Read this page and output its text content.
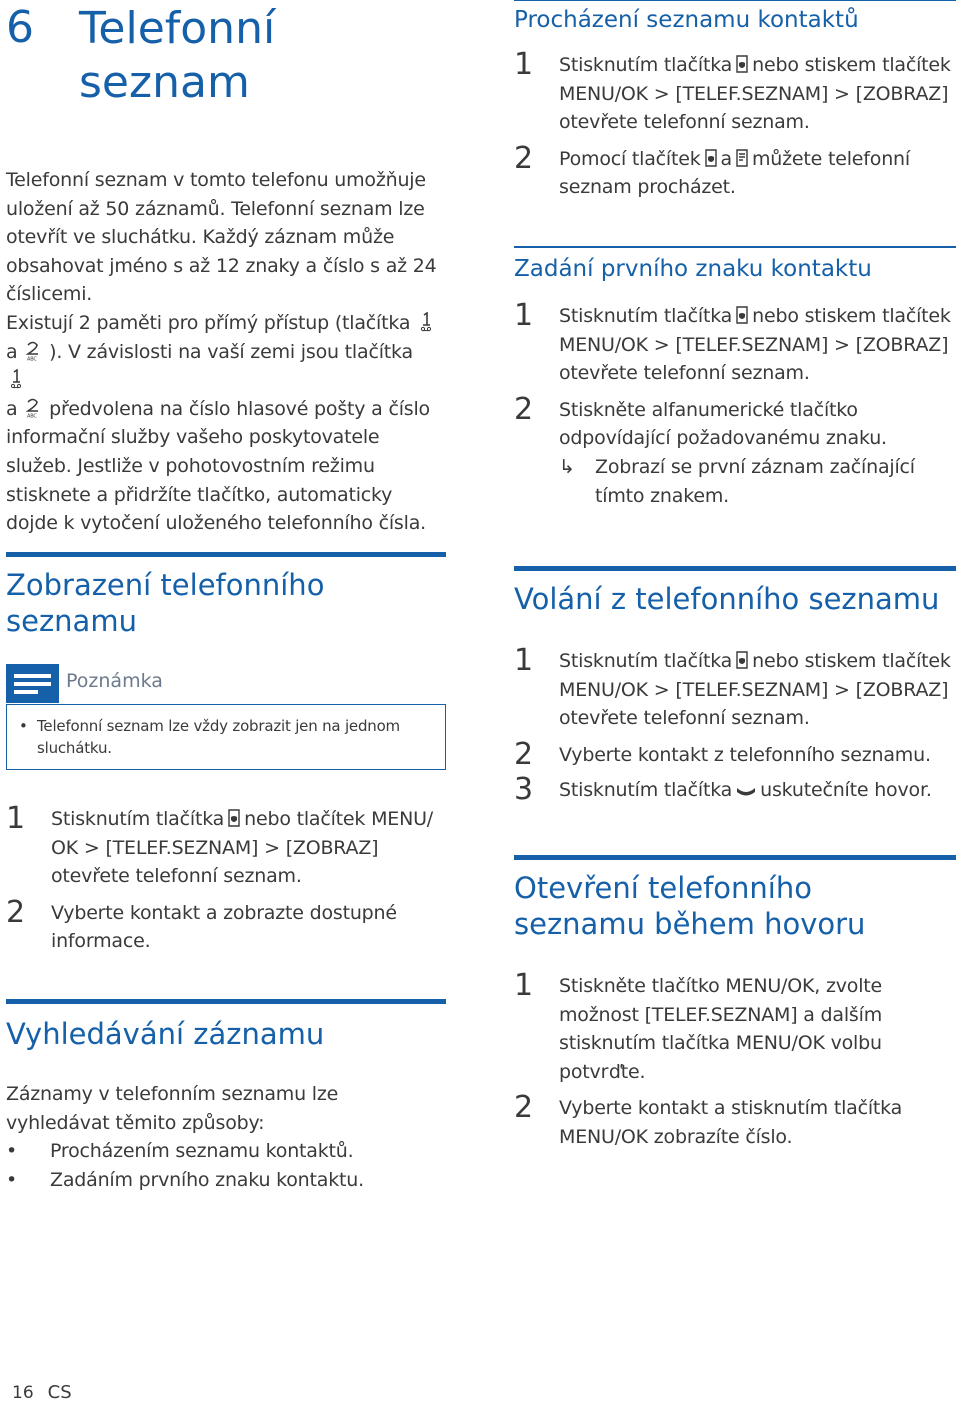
6 Telefonní
seznam

Telefonní seznam v tomto telefonu umožňuje uložení až 50 záznamů. Telefonní seznam lze otevřít ve sluchátku. Každý záznam může obsahovat jméno s až 12 znaky a číslo s až 24 číslicemi.

Existují 2 paměti pro přímý přístup (tlačítka
a ABC ). V závislosti na vaší zemi jsou tlačítka
a ABC předvolena na číslo hlasové pošty a číslo informační služby vašeho poskytovatele služeb. Jestliže v pohotovostním režimu stisknete a přidržíte tlačítko, automaticky dojde k vytočení uloženého telefonního čísla.

Zobrazení telefonního
seznamu
Poznámka
• Telefonní seznam lze vždy zobrazit jen na jednom sluchátku.
1 Stisknutím tlačítka nebo tlačítek MENU/ OK > [TELEF.SEZNAM] > [ZOBRAZ] otevřete telefonní seznam.
2 Vyberte kontakt a zobrazte dostupné informace.
Vyhledávání záznamu

Záznamy v telefonním seznamu lze vyhledávat těmito způsoby:

• Procházením seznamu kontaktů.
• Zadáním prvního znaku kontaktu.
16 CS
Procházení seznamu kontaktů
1 Stisknutím tlačítka nebo stiskem tlačítek MENU/OK > [TELEF.SEZNAM] > [ZOBRAZ] otevřete telefonní seznam.
2 Pomocí tlačítek a můžete telefonní seznam procházet.
Zadání prvního znaku kontaktu
1 Stisknutím tlačítka nebo stiskem tlačítek MENU/OK > [TELEF.SEZNAM] > [ZOBRAZ] otevřete telefonní seznam.
2 Stiskněte alfanumerické tlačítko odpovídající požadovanému znaku.
↳ Zobrazí se první záznam začínající tímto znakem.
Volání z telefonního seznamu
1 Stisknutím tlačítka nebo stiskem tlačítek MENU/OK > [TELEF.SEZNAM] > [ZOBRAZ] otevřete telefonní seznam.
2 Vyberte kontakt z telefonního seznamu.
3 Stisknutím tlačítka uskutečníte hovor.
Otevření telefonního
seznamu během hovoru
1 Stiskněte tlačítko MENU/OK, zvolte možnost [TELEF.SEZNAM] a dalším stisknutím tlačítka MENU/OK volbu potvrďte.
2 Vyberte kontakt a stisknutím tlačítka MENU/OK zobrazíte číslo.
